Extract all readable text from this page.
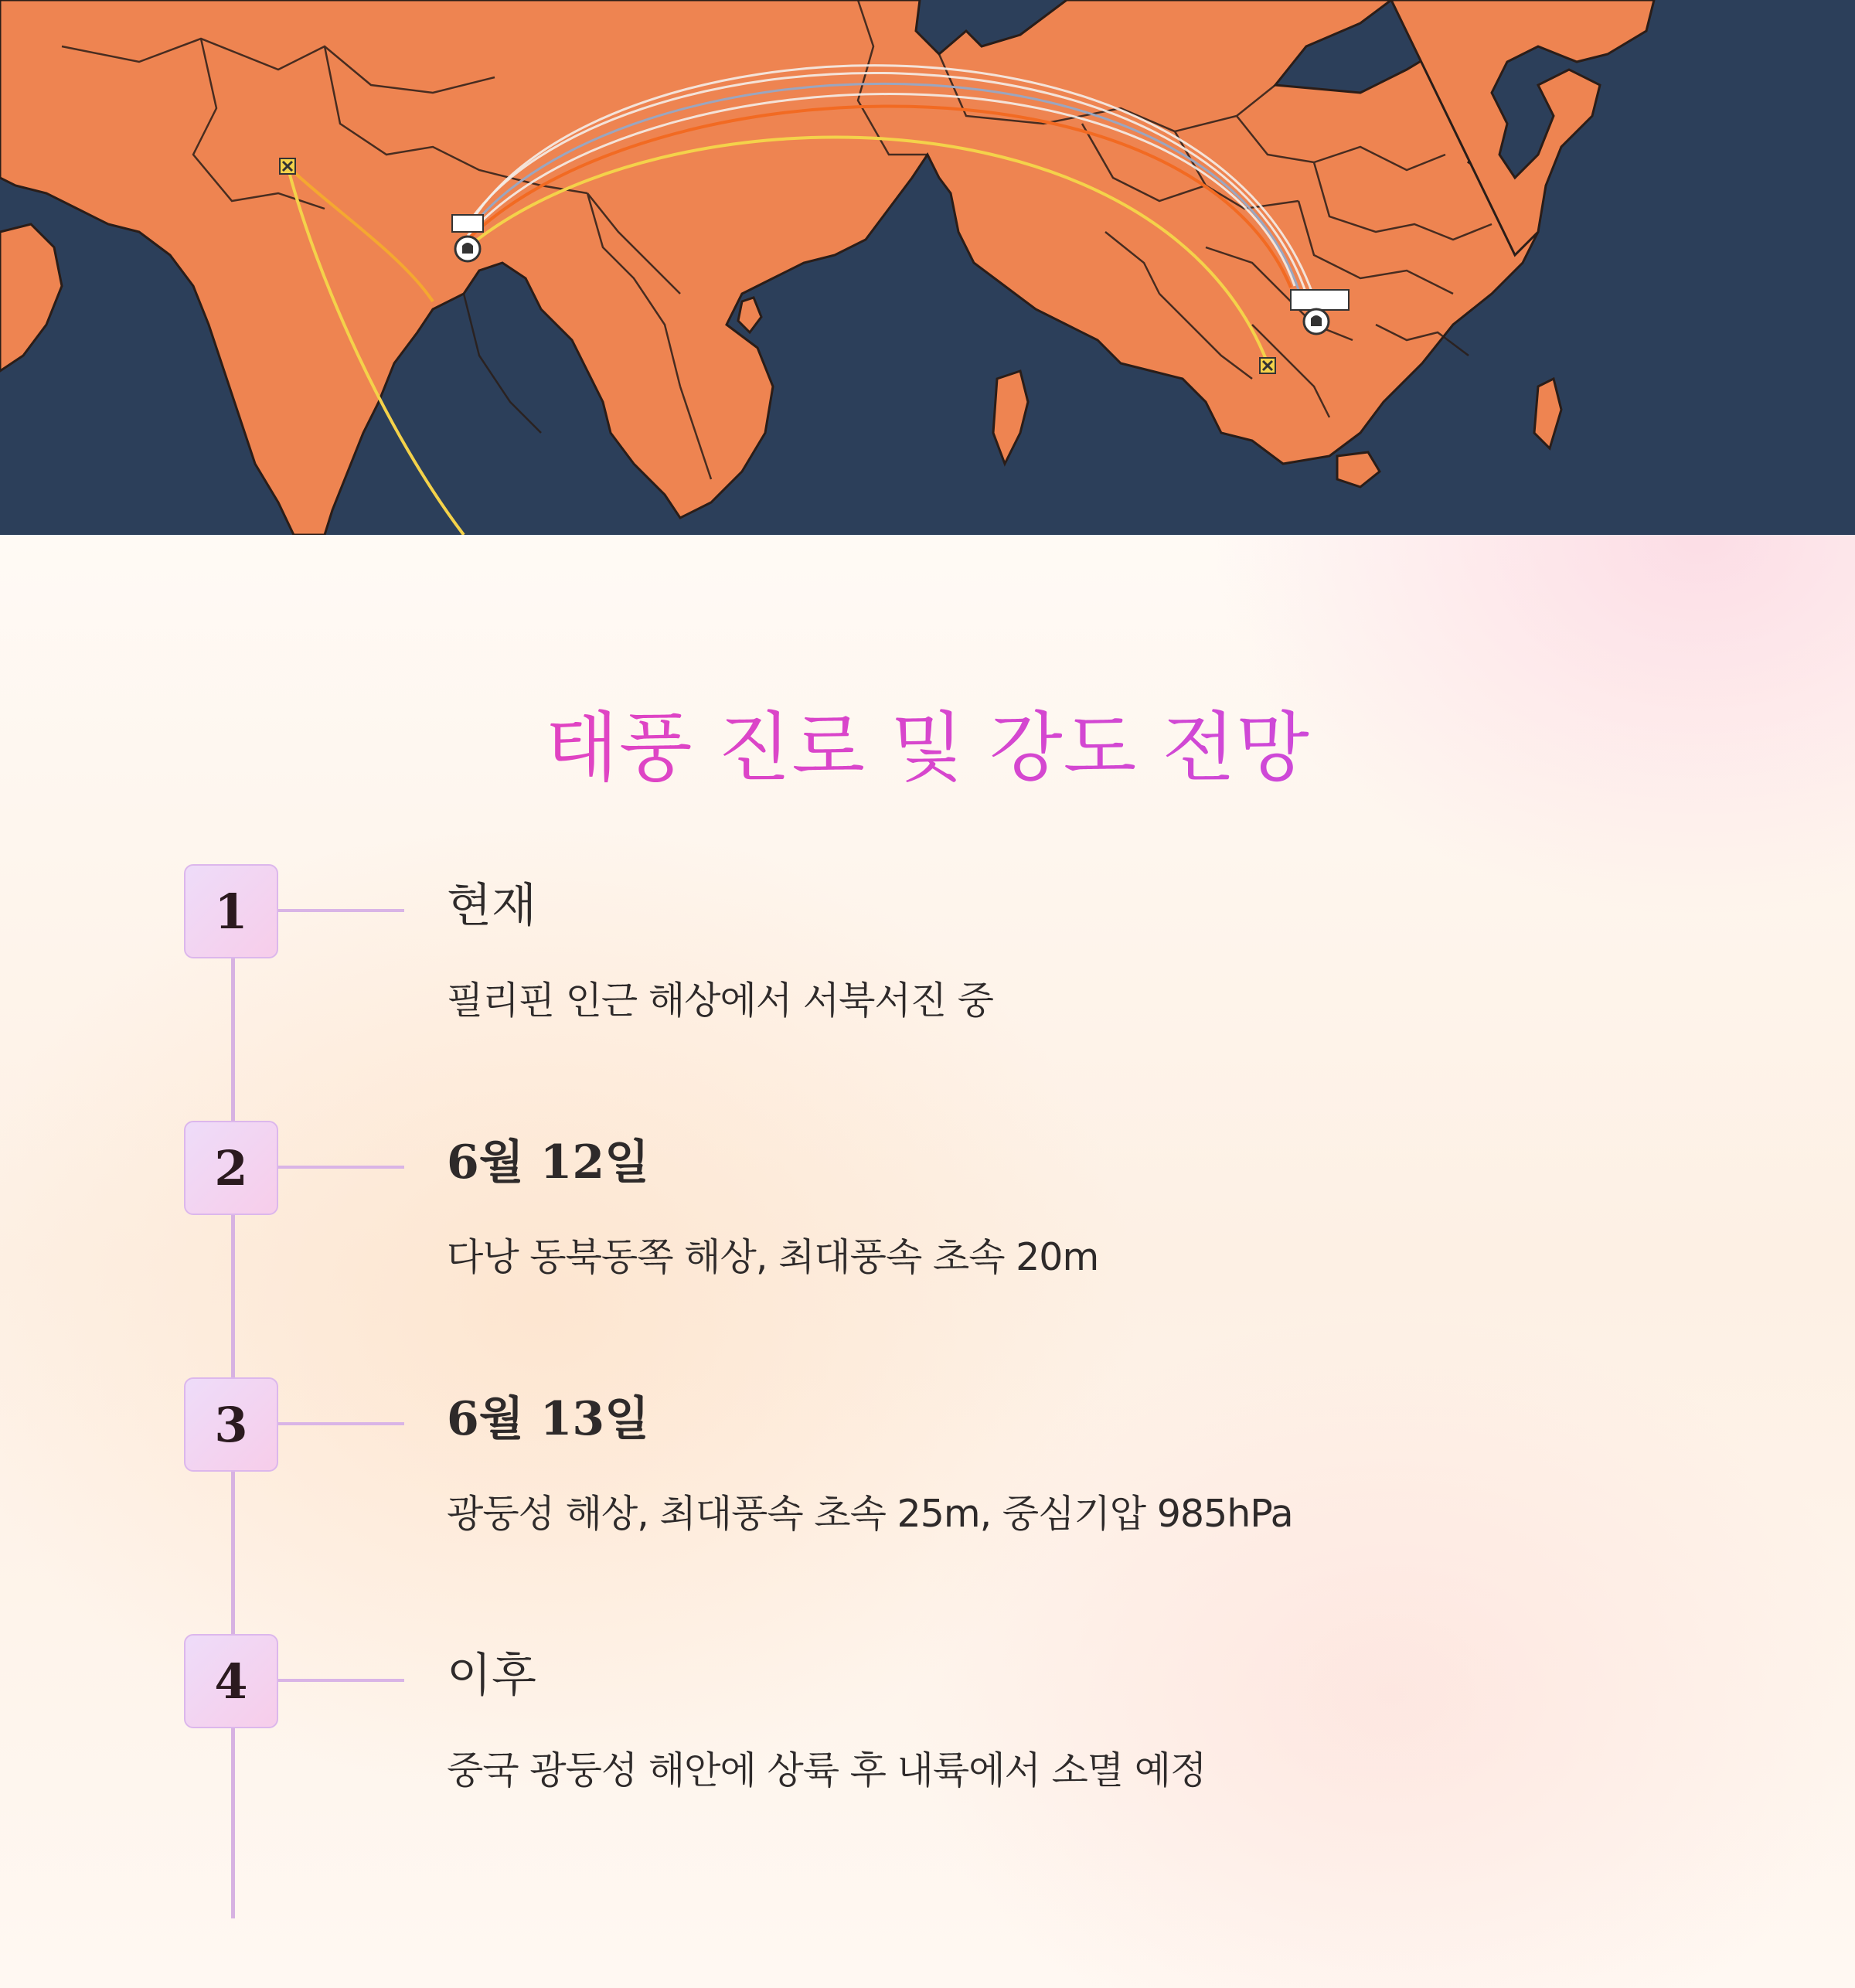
태풍 진로 및 강도 전망
1	현재
필리핀 인근 해상에서 서북서진 중
2	6월 12일
다낭 동북동쪽 해상, 최대풍속 초속 20m
3	6월 13일
광둥성 해상, 최대풍속 초속 25m, 중심기압 985hPa
4	이후
중국 광둥성 해안에 상륙 후 내륙에서 소멸 예정
